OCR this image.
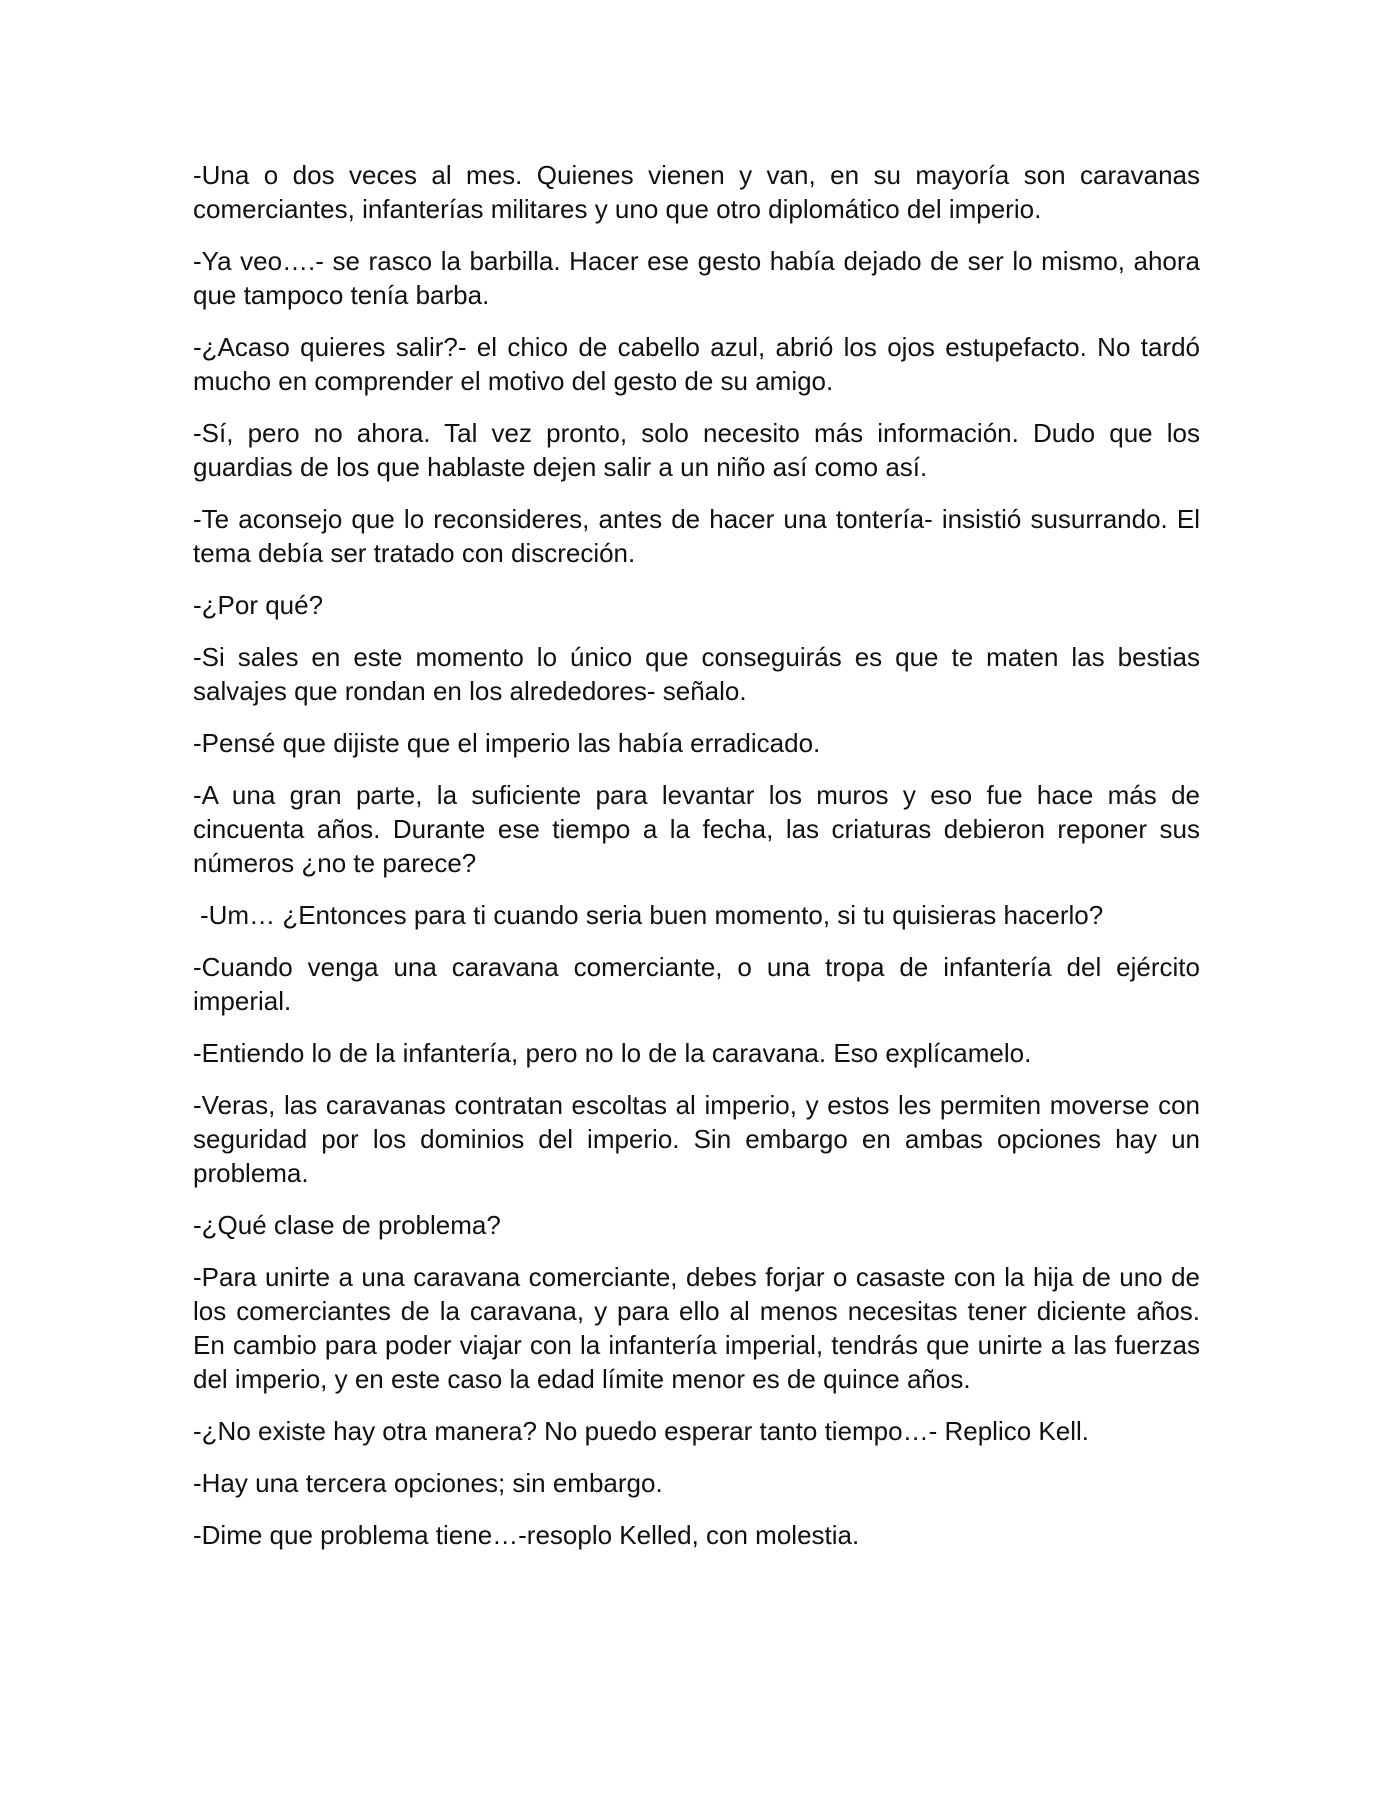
-Una o dos veces al mes. Quienes vienen y van, en su mayoría son caravanas comerciantes, infanterías militares y uno que otro diplomático del imperio.

-Ya veo….- se rasco la barbilla. Hacer ese gesto había dejado de ser lo mismo, ahora que tampoco tenía barba.

-¿Acaso quieres salir?- el chico de cabello azul, abrió los ojos estupefacto. No tardó mucho en comprender el motivo del gesto de su amigo.

-Sí, pero no ahora. Tal vez pronto, solo necesito más información. Dudo que los guardias de los que hablaste dejen salir a un niño así como así.

-Te aconsejo que lo reconsideres, antes de hacer una tontería- insistió susurrando. El tema debía ser tratado con discreción.

-¿Por qué?

-Si sales en este momento lo único que conseguirás es que te maten las bestias salvajes que rondan en los alrededores- señalo.

-Pensé que dijiste que el imperio las había erradicado.

-A una gran parte, la suficiente para levantar los muros y eso fue hace más de cincuenta años. Durante ese tiempo a la fecha, las criaturas debieron reponer sus números ¿no te parece?

-Um… ¿Entonces para ti cuando seria buen momento, si tu quisieras hacerlo?

-Cuando venga una caravana comerciante, o una tropa de infantería del ejército imperial.

-Entiendo lo de la infantería, pero no lo de la caravana. Eso explícamelo.

-Veras, las caravanas contratan escoltas al imperio, y estos les permiten moverse con seguridad por los dominios del imperio. Sin embargo en ambas opciones hay un problema.

-¿Qué clase de problema?

-Para unirte a una caravana comerciante, debes forjar o casaste con la hija de uno de los comerciantes de la caravana, y para ello al menos necesitas tener diciente años. En cambio para poder viajar con la infantería imperial, tendrás que unirte a las fuerzas del imperio, y en este caso la edad límite menor es de quince años.

-¿No existe hay otra manera? No puedo esperar tanto tiempo…- Replico Kell.

-Hay una tercera opciones; sin embargo.

-Dime que problema tiene…-resoplo Kelled, con molestia.
